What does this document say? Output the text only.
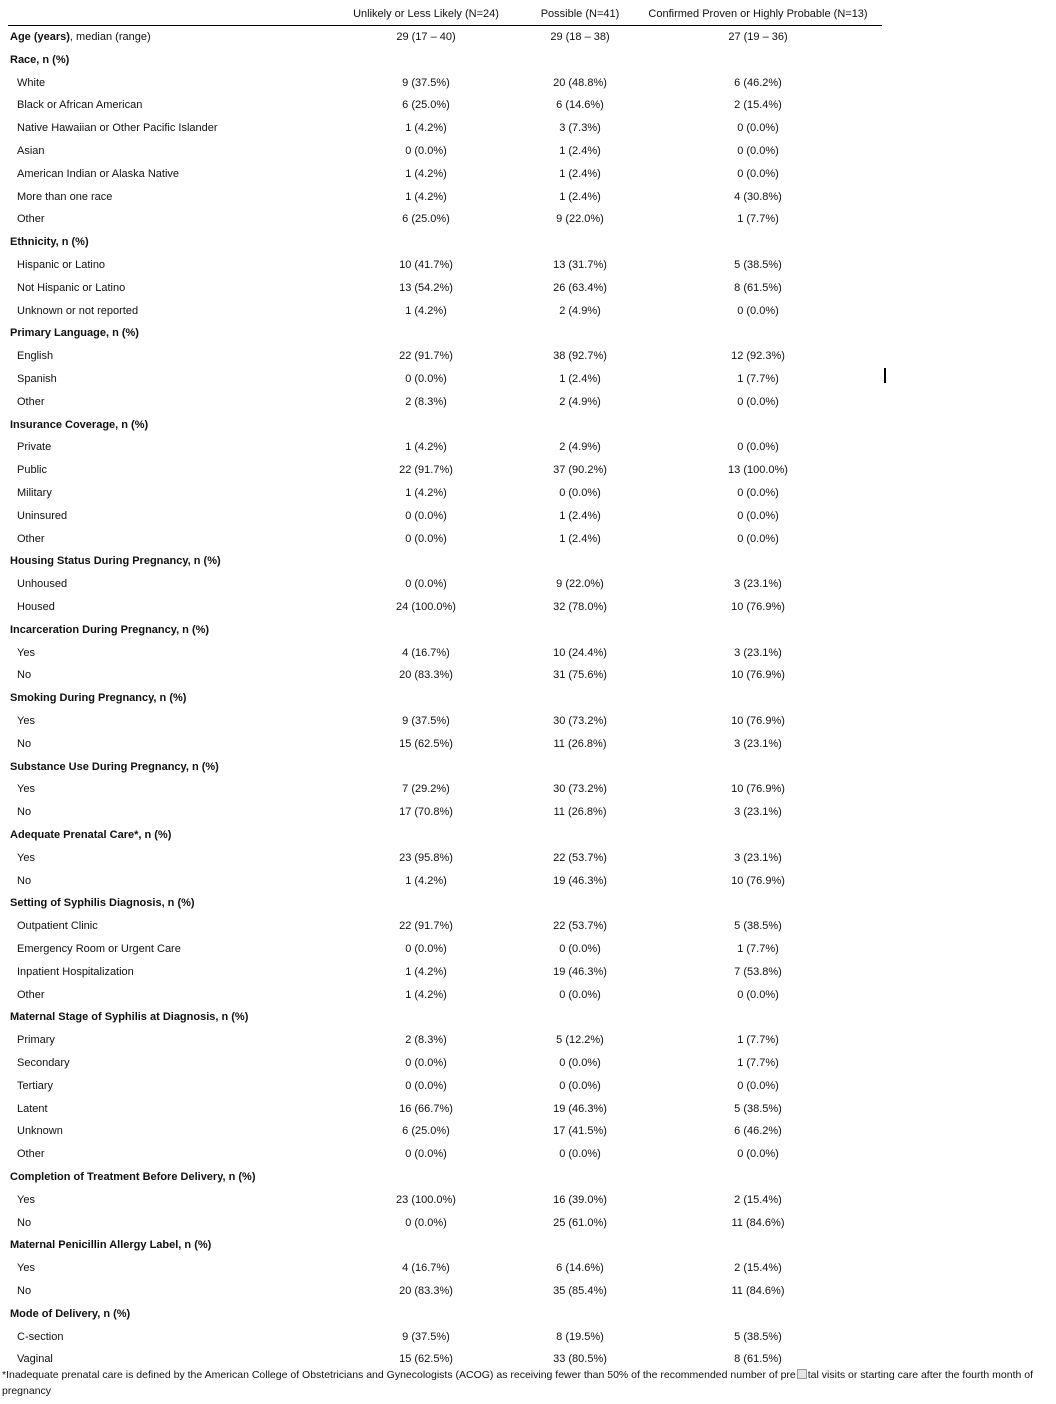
Unlikely or Less Likely (N=24)	Possible (N=41)	Confirmed Proven or Highly Probable (N=13)
Age (years), median (range)	29 (17 – 40)	29 (18 – 38)	27 (19 – 36)
Race, n (%)
White	9 (37.5%)	20 (48.8%)	6 (46.2%)
Black or African American	6 (25.0%)	6 (14.6%)	2 (15.4%)
Native Hawaiian or Other Pacific Islander	1 (4.2%)	3 (7.3%)	0 (0.0%)
Asian	0 (0.0%)	1 (2.4%)	0 (0.0%)
American Indian or Alaska Native	1 (4.2%)	1 (2.4%)	0 (0.0%)
More than one race	1 (4.2%)	1 (2.4%)	4 (30.8%)
Other	6 (25.0%)	9 (22.0%)	1 (7.7%)
Ethnicity, n (%)
Hispanic or Latino	10 (41.7%)	13 (31.7%)	5 (38.5%)
Not Hispanic or Latino	13 (54.2%)	26 (63.4%)	8 (61.5%)
Unknown or not reported	1 (4.2%)	2 (4.9%)	0 (0.0%)
Primary Language, n (%)
English	22 (91.7%)	38 (92.7%)	12 (92.3%)
Spanish	0 (0.0%)	1 (2.4%)	1 (7.7%)
Other	2 (8.3%)	2 (4.9%)	0 (0.0%)
Insurance Coverage, n (%)
Private	1 (4.2%)	2 (4.9%)	0 (0.0%)
Public	22 (91.7%)	37 (90.2%)	13 (100.0%)
Military	1 (4.2%)	0 (0.0%)	0 (0.0%)
Uninsured	0 (0.0%)	1 (2.4%)	0 (0.0%)
Other	0 (0.0%)	1 (2.4%)	0 (0.0%)
Housing Status During Pregnancy, n (%)
Unhoused	0 (0.0%)	9 (22.0%)	3 (23.1%)
Housed	24 (100.0%)	32 (78.0%)	10 (76.9%)
Incarceration During Pregnancy, n (%)
Yes	4 (16.7%)	10 (24.4%)	3 (23.1%)
No	20 (83.3%)	31 (75.6%)	10 (76.9%)
Smoking During Pregnancy, n (%)
Yes	9 (37.5%)	30 (73.2%)	10 (76.9%)
No	15 (62.5%)	11 (26.8%)	3 (23.1%)
Substance Use During Pregnancy, n (%)
Yes	7 (29.2%)	30 (73.2%)	10 (76.9%)
No	17 (70.8%)	11 (26.8%)	3 (23.1%)
Adequate Prenatal Care*, n (%)
Yes	23 (95.8%)	22 (53.7%)	3 (23.1%)
No	1 (4.2%)	19 (46.3%)	10 (76.9%)
Setting of Syphilis Diagnosis, n (%)
Outpatient Clinic	22 (91.7%)	22 (53.7%)	5 (38.5%)
Emergency Room or Urgent Care	0 (0.0%)	0 (0.0%)	1 (7.7%)
Inpatient Hospitalization	1 (4.2%)	19 (46.3%)	7 (53.8%)
Other	1 (4.2%)	0 (0.0%)	0 (0.0%)
Maternal Stage of Syphilis at Diagnosis, n (%)
Primary	2 (8.3%)	5 (12.2%)	1 (7.7%)
Secondary	0 (0.0%)	0 (0.0%)	1 (7.7%)
Tertiary	0 (0.0%)	0 (0.0%)	0 (0.0%)
Latent	16 (66.7%)	19 (46.3%)	5 (38.5%)
Unknown	6 (25.0%)	17 (41.5%)	6 (46.2%)
Other	0 (0.0%)	0 (0.0%)	0 (0.0%)
Completion of Treatment Before Delivery, n (%)
Yes	23 (100.0%)	16 (39.0%)	2 (15.4%)
No	0 (0.0%)	25 (61.0%)	11 (84.6%)
Maternal Penicillin Allergy Label, n (%)
Yes	4 (16.7%)	6 (14.6%)	2 (15.4%)
No	20 (83.3%)	35 (85.4%)	11 (84.6%)
Mode of Delivery, n (%)
C-section	9 (37.5%)	8 (19.5%)	5 (38.5%)
Vaginal	15 (62.5%)	33 (80.5%)	8 (61.5%)
*Inadequate prenatal care is defined by the American College of Obstetricians and Gynecologists (ACOG) as receiving fewer than 50% of the recommended number of pre tal visits or starting care after the fourth month of pregnancy
